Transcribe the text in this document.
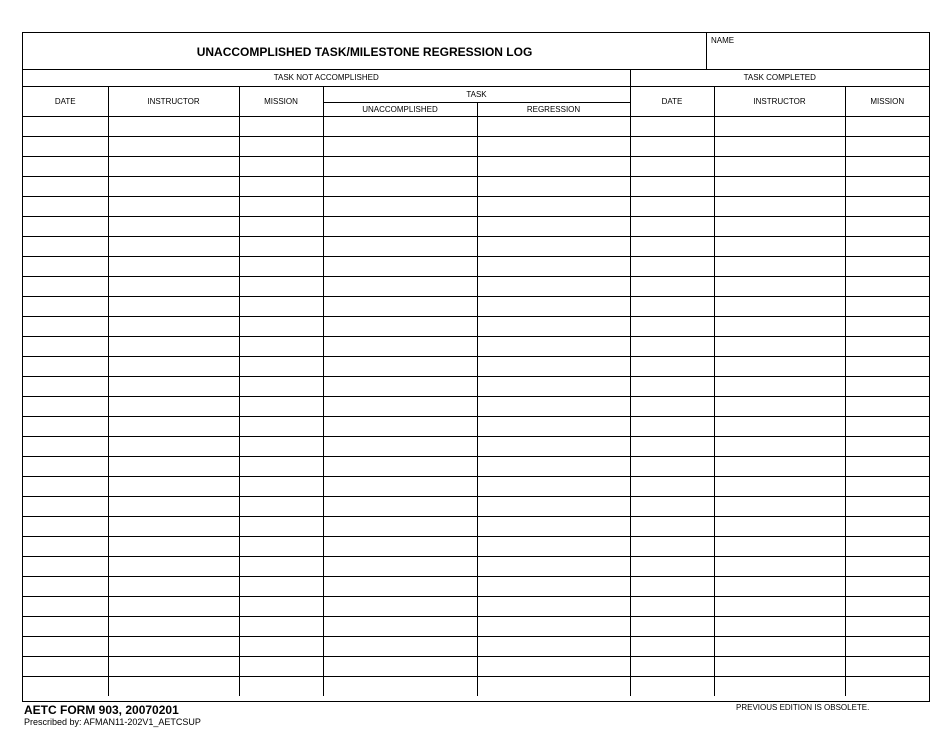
UNACCOMPLISHED TASK/MILESTONE REGRESSION LOG
NAME
TASK NOT ACCOMPLISHED					TASK COMPLETED		
DATE	INSTRUCTOR	MISSION	TASK		DATE	INSTRUCTOR	MISSION
			UNACCOMPLISHED	REGRESSION			

AETC FORM 903, 20070201
Prescribed by: AFMAN11-202V1_AETCSUP
PREVIOUS EDITION IS OBSOLETE.
